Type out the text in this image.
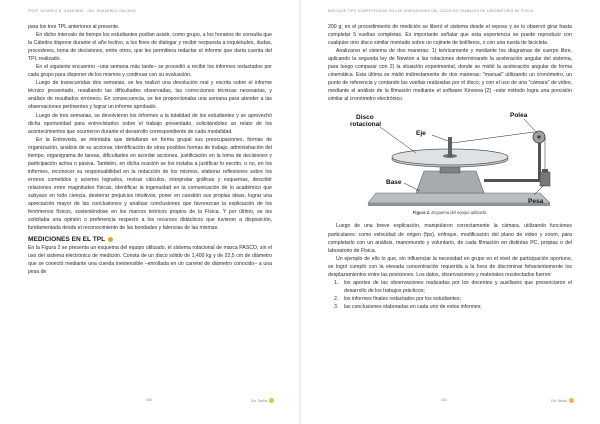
PROF. NICARKO D. GUARINNE · ING. EDUARRDO GALINDO

para los tres TPL anteriores al presente.

En dicho intervalo de tiempo los estudiantes podían asistir, como grupo, a los horarios de consulta que la Cátedra dispone durante el año lectivo, a los fines de dialogar y recibir respuesta a inquietudes, dudas, procederes, toma de decisiones, entre otros, que les permitiera redactar el informe que daría cuenta del TPL realizado.

En el siguiente encuentro –una semana más tarde– se procedió a recibir los informes redactados por cada grupo para disponer de los mismos y continuar con su evaluación.

Luego de transcurridas dos semanas, se les realizó una devolución oral y escrita sobre el informe técnico presentado, resaltando las dificultades observadas, las correcciones técnicas necesarias, y análisis de resultados erróneos. En consecuencia, se les proporcionaba una semana para atender a las observaciones pertinentes y lograr un informe aprobado.

Luego de tres semanas, se devolvieron los informes a la totalidad de los estudiantes y se aprovechó dicha oportunidad para entrevistarlos sobre el trabajo presentado, solicitándoles un relato de los acontecimientos que ocurrieron durante el desarrollo correspondiente de cada modalidad.

En la Entrevista, se intentaba que detallaran en forma grupal sus preocupaciones, formas de organización, análisis de su accionar, identificación de otras posibles formas de trabajo, administración del tiempo, organigrama de tareas, dificultades en acordar acciones, justificación en la toma de decisiones y participación activa o pasiva. También, en dicha ocasión se los instaba a justificar lo escrito, o no, en los informes, reconocer su responsabilidad en la redacción de los mismos, elaborar reflexiones sobre los errores cometidos y aciertos logrados, revisar cálculos, interpretar gráficas y esquemas, describir relaciones entre magnitudes físicas, identificar la ingenuidad en la comunicación de lo académico que subyace en todo ciencia, desterrar prejuicios intuitivos, poner en cuestión sus propias ideas, lograr una apreciación mayor de las conclusiones y analizar conclusiones que favorezcan la explicación de los fenómenos físicos, sosteniéndose en los marcos teóricos propios de la Física. Y por último, se les solicitaba una opinión o preferencia respecto a los recursos didácticos que tuvieron a disposición, fundamentada desde el reconocimiento de las bondades y falencias de las mismas.

MEDICIONES EN EL TPL

En la Figura 2 se presenta un esquema del equipo utilizado, el sistema rotacional de marca PASCO, sin el uso del sistema electrónico de medición. Consta de un disco sólido de 1,400 kg y de 22,5 cm de diámetro que se conectó mediante una cuerda inextensible –enrollada en un carretel de diámetro conocido– a una pesa de

400	Ext Tanba
ENFOQUE TIPO COMPETENCIAS EN LAS DIMENSIONES DEL CIUDO EN TRABAJOS DE LABORATORIO DE FÍSICA

200 g; en el procedimiento de medición se liberó el sistema desde el reposo y se lo observó girar hasta completar 5 vueltas completas. Es importante señalar que esta experiencia se puede reproducir con cualquier otro disco similar montado sobre un cojinete de bolilleros, o con una rueda de bicicleta.

Analizaron el sistema de dos maneras: 1) teóricamente y mediante los diagramas de cuerpo libre, aplicando la segunda ley de Newton a las rotaciones determinando la aceleración angular del sistema, para luego comparar con 2) la situación experimental, donde se midió la aceleración angular de forma cinemática. Esta última se midió indirectamente de dos maneras: "manual" utilizando un cronómetro, un punto de referencia y contando las vueltas realizadas por el disco; y con el uso de una "cámara" de video, mediante el análisis de la filmación mediante el software Kinovea [2] –este método logra una precisión similar al cronómetro electrónico.

Disco rotacional
Eje
Polea
Base
Pesa
Figura 2. Esquema del equipo utilizado.

Luego de una breve explicación, manipularon correctamente la cámara, utilizando funciones particulares: como velocidad de origen (fps), enfoque, modificación del plano de video y zoom, para completarlo con un análisis, manomundo y voluntario, de cada filmación en distintas PC, propias o del laboratorio de Física.

Un ejemplo de ello lo que, sin influenciar la necesidad en grupo en el nivel de participación oportuno, se logró cumplir con la elevada concentración requerida a la hora de discriminar fehacientemente los desplazamientos entre las posiciones. Los datos, observaciones y materiales recolectados fueron:

1.	los aportes de las observaciones realizadas por los docentes y auxiliares que presenciaron el desarrollo de los trabajos prácticos;
2.	los informes finales redactados por los estudiantes;
3.	las conclusiones elaboradas en cada uno de estos informes;
401	Ext Tanba
